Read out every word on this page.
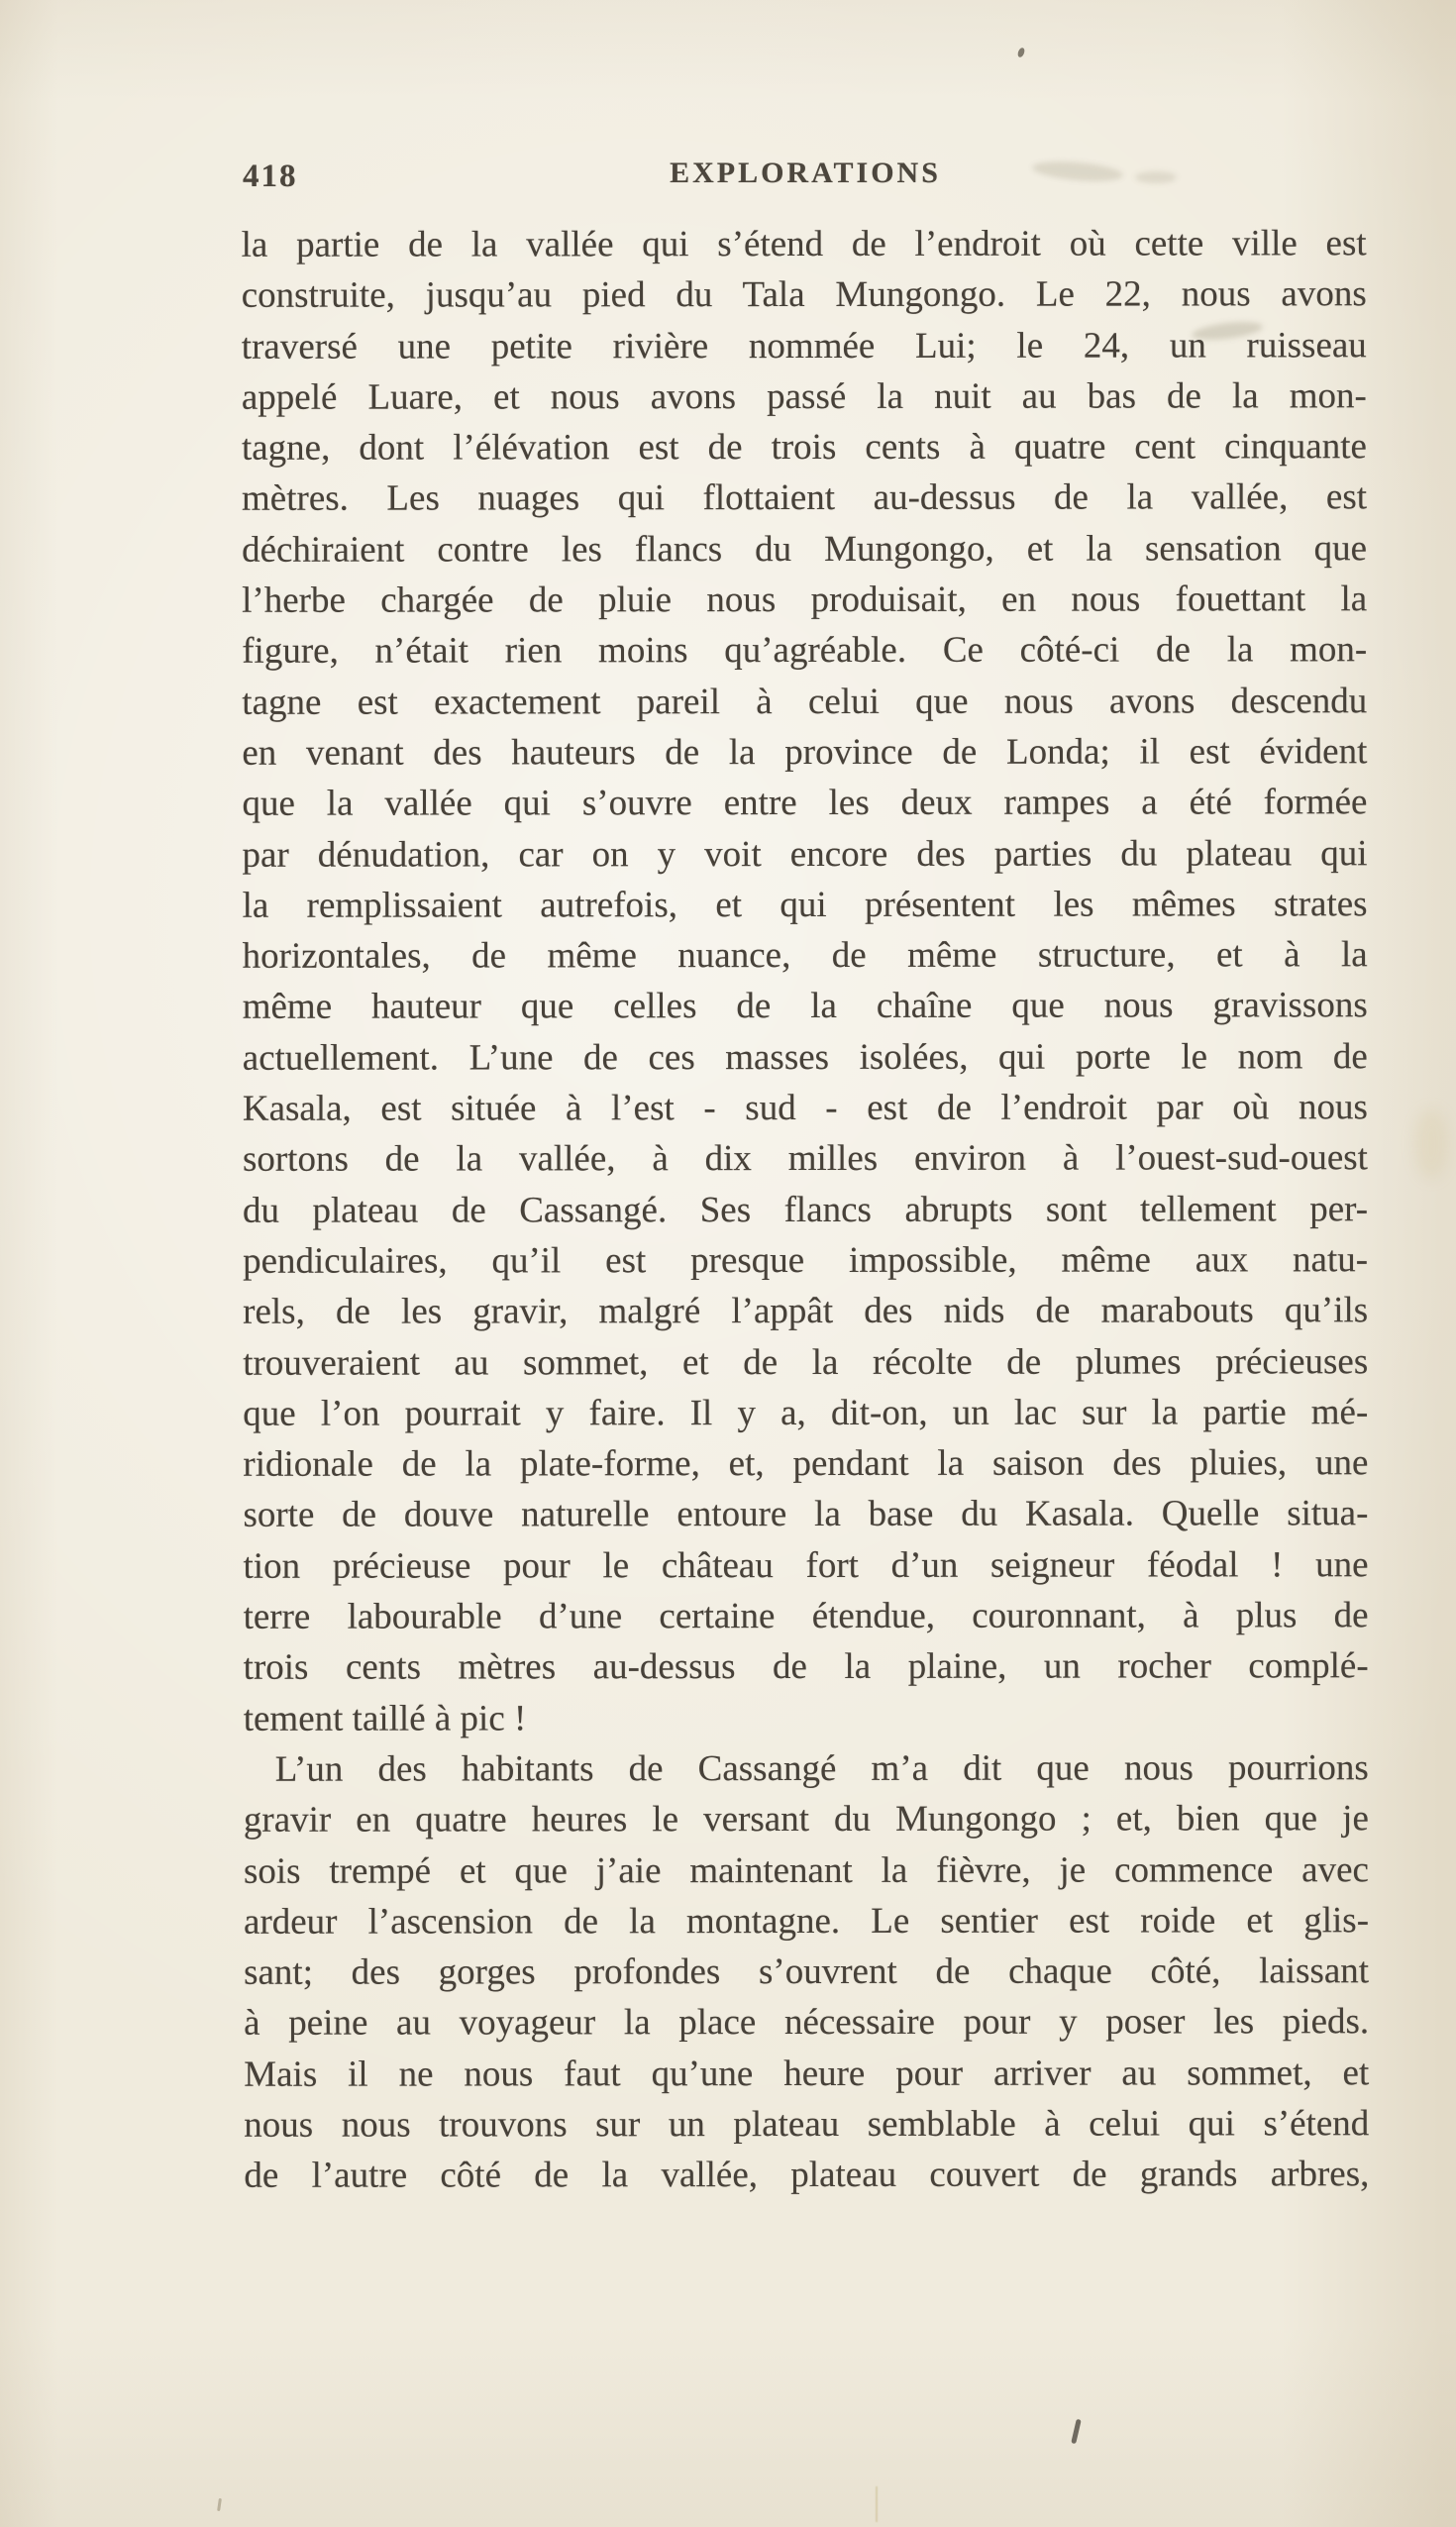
418	EXPLORATIONS
la partie de la vallée qui s’étend de l’endroit où cette ville est
construite, jusqu’au pied du Tala Mungongo. Le 22, nous avons
traversé une petite rivière nommée Lui; le 24, un ruisseau
appelé Luare, et nous avons passé la nuit au bas de la mon-
tagne, dont l’élévation est de trois cents à quatre cent cinquante
mètres. Les nuages qui flottaient au-dessus de la vallée, est
déchiraient contre les flancs du Mungongo, et la sensation que
l’herbe chargée de pluie nous produisait, en nous fouettant la
figure, n’était rien moins qu’agréable. Ce côté-ci de la mon-
tagne est exactement pareil à celui que nous avons descendu
en venant des hauteurs de la province de Londa; il est évident
que la vallée qui s’ouvre entre les deux rampes a été formée
par dénudation, car on y voit encore des parties du plateau qui
la remplissaient autrefois, et qui présentent les mêmes strates
horizontales, de même nuance, de même structure, et à la
même hauteur que celles de la chaîne que nous gravissons
actuellement. L’une de ces masses isolées, qui porte le nom de
Kasala, est située à l’est - sud - est de l’endroit par où nous
sortons de la vallée, à dix milles environ à l’ouest-sud-ouest
du plateau de Cassangé. Ses flancs abrupts sont tellement per-
pendiculaires, qu’il est presque impossible, même aux natu-
rels, de les gravir, malgré l’appât des nids de marabouts qu’ils
trouveraient au sommet, et de la récolte de plumes précieuses
que l’on pourrait y faire. Il y a, dit-on, un lac sur la partie mé-
ridionale de la plate-forme, et, pendant la saison des pluies, une
sorte de douve naturelle entoure la base du Kasala. Quelle situa-
tion précieuse pour le château fort d’un seigneur féodal ! une
terre labourable d’une certaine étendue, couronnant, à plus de
trois cents mètres au-dessus de la plaine, un rocher complé-
tement taillé à pic !
L’un des habitants de Cassangé m’a dit que nous pourrions
gravir en quatre heures le versant du Mungongo ; et, bien que je
sois trempé et que j’aie maintenant la fièvre, je commence avec
ardeur l’ascension de la montagne. Le sentier est roide et glis-
sant; des gorges profondes s’ouvrent de chaque côté, laissant
à peine au voyageur la place nécessaire pour y poser les pieds.
Mais il ne nous faut qu’une heure pour arriver au sommet, et
nous nous trouvons sur un plateau semblable à celui qui s’étend
de l’autre côté de la vallée, plateau couvert de grands arbres,
